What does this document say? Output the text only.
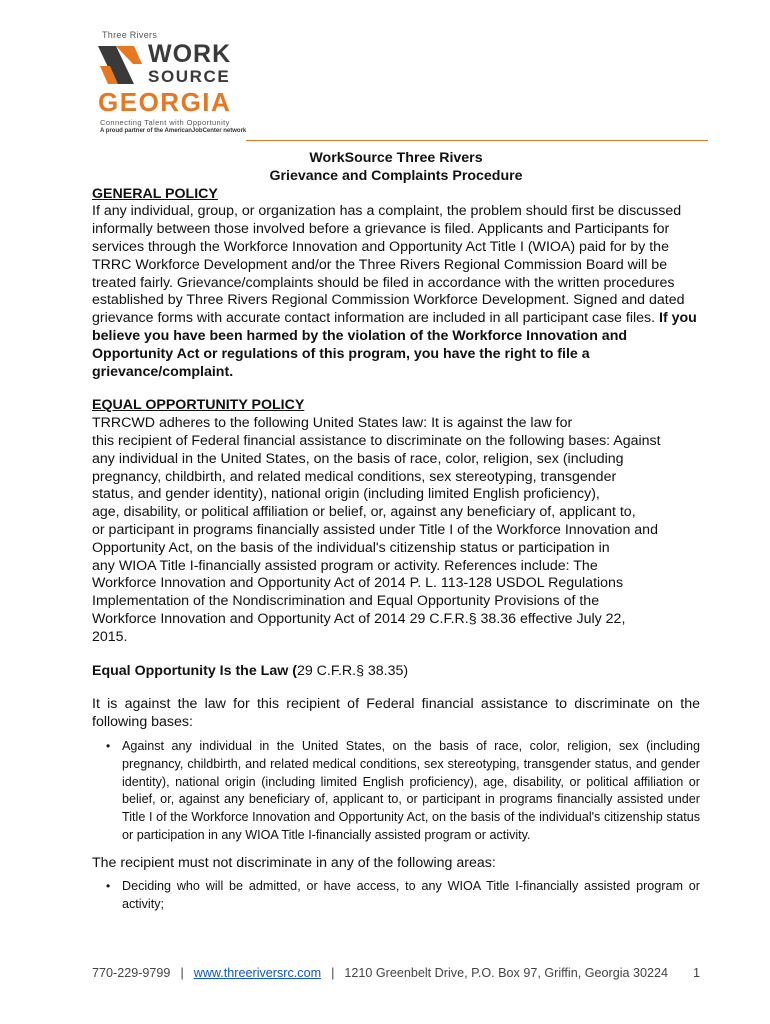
Three Rivers
WORK
SOURCE
GEORGIA
Connecting Talent with Opportunity
A proud partner of the AmericanJobCenter network
WorkSource Three Rivers
Grievance and Complaints Procedure
GENERAL POLICY

If any individual, group, or organization has a complaint, the problem should first be discussed informally between those involved before a grievance is filed. Applicants and Participants for services through the Workforce Innovation and Opportunity Act Title I (WIOA) paid for by the TRRC Workforce Development and/or the Three Rivers Regional Commission Board will be treated fairly. Grievance/complaints should be filed in accordance with the written procedures established by Three Rivers Regional Commission Workforce Development. Signed and dated grievance forms with accurate contact information are included in all participant case files. If you believe you have been harmed by the violation of the Workforce Innovation and Opportunity Act or regulations of this program, you have the right to file a grievance/complaint.

EQUAL OPPORTUNITY POLICY
TRRCWD adheres to the following United States law: It is against the law for
this recipient of Federal financial assistance to discriminate on the following bases: Against
any individual in the United States, on the basis of race, color, religion, sex (including
pregnancy, childbirth, and related medical conditions, sex stereotyping, transgender
status, and gender identity), national origin (including limited English proficiency),
age, disability, or political affiliation or belief, or, against any beneficiary of, applicant to,
or participant in programs financially assisted under Title I of the Workforce Innovation and
Opportunity Act, on the basis of the individual's citizenship status or participation in
any WIOA Title I-financially assisted program or activity. References include: The
Workforce Innovation and Opportunity Act of 2014 P. L. 113-128 USDOL Regulations
Implementation of the Nondiscrimination and Equal Opportunity Provisions of the
Workforce Innovation and Opportunity Act of 2014 29 C.F.R.§ 38.36 effective July 22,
2015.
Equal Opportunity Is the Law (29 C.F.R.§ 38.35)

It is against the law for this recipient of Federal financial assistance to discriminate on the following bases:

• Against any individual in the United States, on the basis of race, color, religion, sex (including pregnancy, childbirth, and related medical conditions, sex stereotyping, transgender status, and gender identity), national origin (including limited English proficiency), age, disability, or political affiliation or belief, or, against any beneficiary of, applicant to, or participant in programs financially assisted under Title I of the Workforce Innovation and Opportunity Act, on the basis of the individual's citizenship status or participation in any WIOA Title I-financially assisted program or activity.

The recipient must not discriminate in any of the following areas:

• Deciding who will be admitted, or have access, to any WIOA Title I-financially assisted program or activity;
770-229-9799 | www.threeriversrc.com | 1210 Greenbelt Drive, P.O. Box 97, Griffin, Georgia 30224 1
